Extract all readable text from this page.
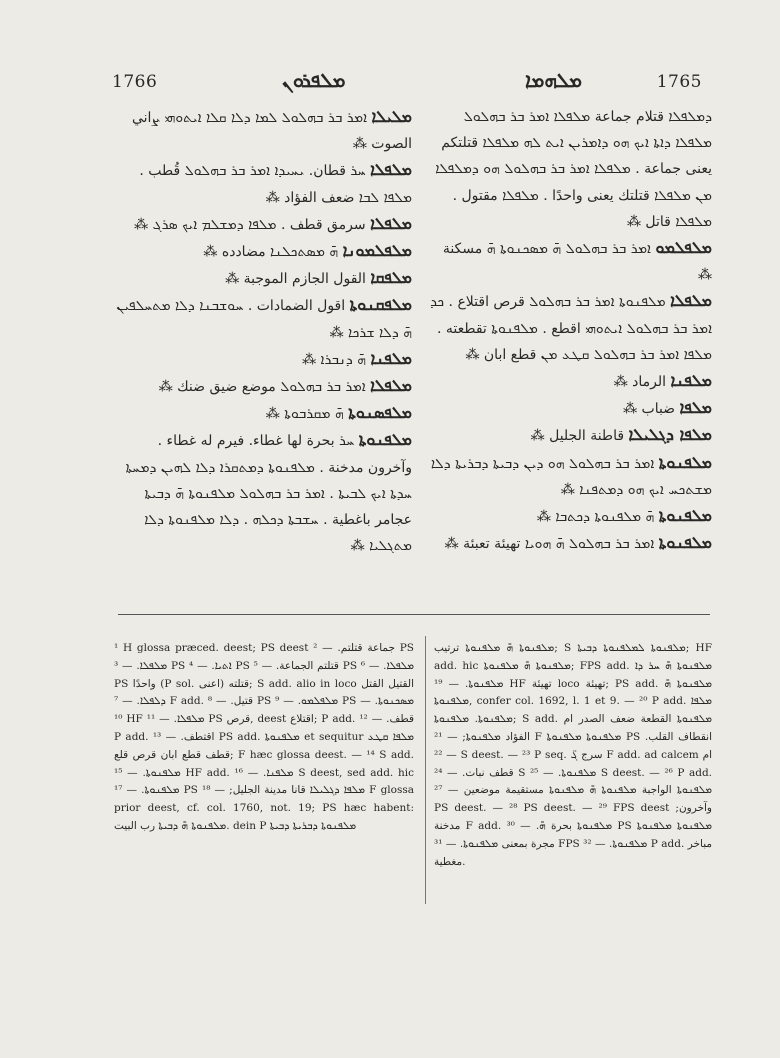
1766	ܡܠܦܪܘܢ	ܡܠܗܡܐ	1765

ܡܠܝܠܐ ܐܡܪ ܒܪ ܒܗܠܘܠ ܠܡܐ ܕܠܐ ܩܠܐ ܐܝܬܘܗܝ ܨاني الصوت ⁂

ܡܠܦܠܐ ܚܪ قطان. ܝܚܝܕܐ ܐܡܪ ܒܪ ܒܗܠܘܠ قُطب . ܡܠܦܐ ܠܒܐ ضعف الفؤاد ⁂

ܡܠܦܠܐ سرمق قطف . ܡܠܦܐ ܕܡܫܠܡ ܐܝܟ ܣܪܓ ⁂

ܡܠܦܠܡܘܢܐ ܗ̄ ܡܣܬܟܠܢܐ مضادده ⁂

ܡܠܦܩܐ القول الجازم الموجبة ⁂

ܡܠܦܩܢܘܬܐ اقول الضمادات . ܚܘܫܒܢܐ ܕܠܐ ܡܬܚܠܦܝܢ ܗ̄ ܕܠܐ ܫܪܟܐ ⁂

ܡܠܦܢܐ ܗ̄ ܕܢܒܪܐ ⁂

ܡܠܦܠܐ ܐܡܪ ܒܪ ܒܗܠܘܠ موضع ضيق ضنك ⁂

ܡܠܦܣܢܘܬܐ ܗ̄ ܡܩܪܒܘܬܐ ⁂

ܡܠܦܢܘܬܐ ܚܪ بحرة لها غطاء. فيرم له غطاء . وآخرون مدخنة . ܡܠܦܢܘܬܐ ܕܡܬܩܪܐ ܕܠܐ ܠܗܝܢ ܕܡܚܬܐ ܚܕܬܐ ܐܝܟ ܠܒܝܬܐ . ܐܡܪ ܒܪ ܒܗܠܘܠ ܡܠܦܢܘܬܐ ܗ̄ ܕܒܝܬܐ عجامر باغطية . ܚܫܒܬܐ ܕܟܠܗ . ܕܠܐ ܡܠܦܢܘܬܐ ܕܠܐ ܡܬܓܠܝܐ ⁂

ܕܡܠܦܠܐ قتلام جماعة ܡܠܦܠܐ ܐܡܪ ܒܪ ܒܗܠܘܠ ܡܠܦܠܐ ܕܐܬܐ ܐܝܟ ܗܘ ܕܐܡܪܝܢ ܐܝܬ ܠܗ ܡܠܦܠܐ قتلتكم يعنى جماعة . ܡܠܦܠܐ ܐܡܪ ܒܪ ܒܗܠܘܠ ܗܘ ܕܡܠܦܠܐ ܡܢ ܡܠܦܠܐ قتلتك يعنى واحدًا . ܡܠܦܠܐ مقتول . ܡܠܦܠܐ قاتل ⁂

ܡܠܦܠܡܘ ܐܡܪ ܒܪ ܒܗܠܘܠ ܗ̄ ܡܣܟܢܘܬܐ ܗ̄ مسكنة ⁂

ܡܠܦܠܐ ܡܠܦܢܘܬܐ ܐܡܪ ܒܪ ܒܗܠܘܠ قرص اقتلاع . ܟܕ ܐܡܪ ܒܪ ܒܗܠܘܠ ܐܝܬܘܗܝ اقطع . ܡܠܦܢܘܬܐ تقطعته . ܡܠܦܐ ܐܡܪ ܒܪ ܒܗܠܘܠ ܩܛܥ ܡܢ قطع ابان ⁂

ܡܠܦܢܐ الرماد ⁂

ܡܠܦܐ ضباب ⁂

ܡܠܦܐ ܕܓܠܝܠܐ قاطنة الجليل ⁂

ܡܠܦܢܘܬܐ ܐܡܪ ܒܪ ܒܗܠܘܠ ܗܘ ܕܝܢ ܕܒܝܬܐ ܕܒܪܝܬܐ ܕܠܐ ܡܫܬܟܚ ܐܝܟ ܗܘ ܕܡܬܦܢܐ ⁂

ܡܠܦܢܘܬܐ ܗ̄ ܡܠܦܢܘܬܐ ܕܟܬܒܐ ⁂

ܡܠܦܢܘܬܐ ܐܡܪ ܒܪ ܒܗܠܘܠ ܗ̄ ܗܘܝܐ تهيئة تعبئة ⁂

¹ H glossa præced. deest; PS deest جماعة قتلتم. — ² PS ܡܠܦܠܐ. — ³ PS ܐܬܝܐ. — ⁴ PS قتلتم الجماعة. — ⁵ PS ܡܠܦܠܐ. — ⁶ PS واحدًا (P sol. اعنى) قتلته; S add. alio in loco القتيل القتل ܕܠܦܠܐ. — ⁷ F add. قتيل. — ⁸ PS ܡܠܦܠܡܘ. — ⁹ PS ܡܣܟܢܘܬܐ. — ¹⁰ HF ܡܠܦܠܐ. — ¹¹ PS قرص, deest اقتلاع; P add. قطف. — ¹² P add. اقتطف. — ¹³ PS add. ܡܠܦܢܘܬܐ et sequitur ܡܠܦܐ ܩܛܥ قطف قطع ابان قرص قلع; F hæc glossa deest. — ¹⁴ S add. ܡܠܦܢܘܬܐ. — ¹⁵ HF add. ܡܠܦܢܐ. — ¹⁶ S deest, sed add. hic ܡܠܦܢܘܬܐ. — ¹⁷ PS ܡܠܦܐ ܕܓܠܝܠܐ قانا مدينة الجليل; — ¹⁸ F glossa prior deest, cf. col. 1760, not. 19; PS hæc habent: ܡܠܦܢܘܬܐ ܗ̄ ܕܒܝܬܐ رب البيت. dein P ܡܠܦܢܘܬܐ ܕܒܪܝܬܐ ܕܒܝܬܐ

ܡܠܦܢܘܬܐ ܗ̄ ܡܠܦܢܘܬܐ ترتيب; S ܡܠܦܢܘܬܐ ܠܡܠܦܢܘܬܐ ܕܒܝܬܐ; HF add. hic ܡܠܦܢܘܬܐ ܗ̄ ܡܠܦܢܘܬܐ; FPS add. ܡܠܦܢܘܬܐ ܗ̄ ܚܪ ܕܐ ܡܠܦܢܘܬܐ. — ¹⁹ HF تهيئة loco تهيئة; PS add. ܡܠܦܢܘܬܐ ܗ̄ ܡܠܦܢܘܬܐ, confer col. 1692, l. 1 et 9. — ²⁰ P add. ܡܠܦܐ ܡܠܦܢܘܬܐ. ܡܠܦܢܘܬܐ; S add. ܡܠܦܢܘܬܐ القطعة ضعف الصدر ام الفؤاد ܡܠܦܢܘܬܐ; — ²¹ F ܡܠܦܢܘܬܐ ܡܠܦܢܘܬܐ PS انقطاف القلب. — ²² S deest. — ²³ P seq. سرج ܓ̈ F add. ad calcem ام قطف نبات. — ²⁴ S ܡܠܦܢܘܬܐ. — ²⁵ S deest. — ²⁶ P add. ܡܠܦܢܘܬܐ الواجبة ܡܠܦܢܘܬܐ ܗ̄ ܡܠܦܢܘܬܐ مستقيمة موضعين — ²⁷ PS deest. — ²⁸ PS deest. — ²⁹ FPS deest ;وآخرون مدخنة F add. ܡܠܦܢܘܬܐ بحرة ܗ̄. — ³⁰ PS ܡܠܦܢܘܬܐ ܡܠܦܢܘܬܐ مجرة بمعنى ܡܠܦܢܘܬܐ. — ³¹ FPS ܡܠܦܢܘܬܐ. — ³² P add. مباخر مغطية.
